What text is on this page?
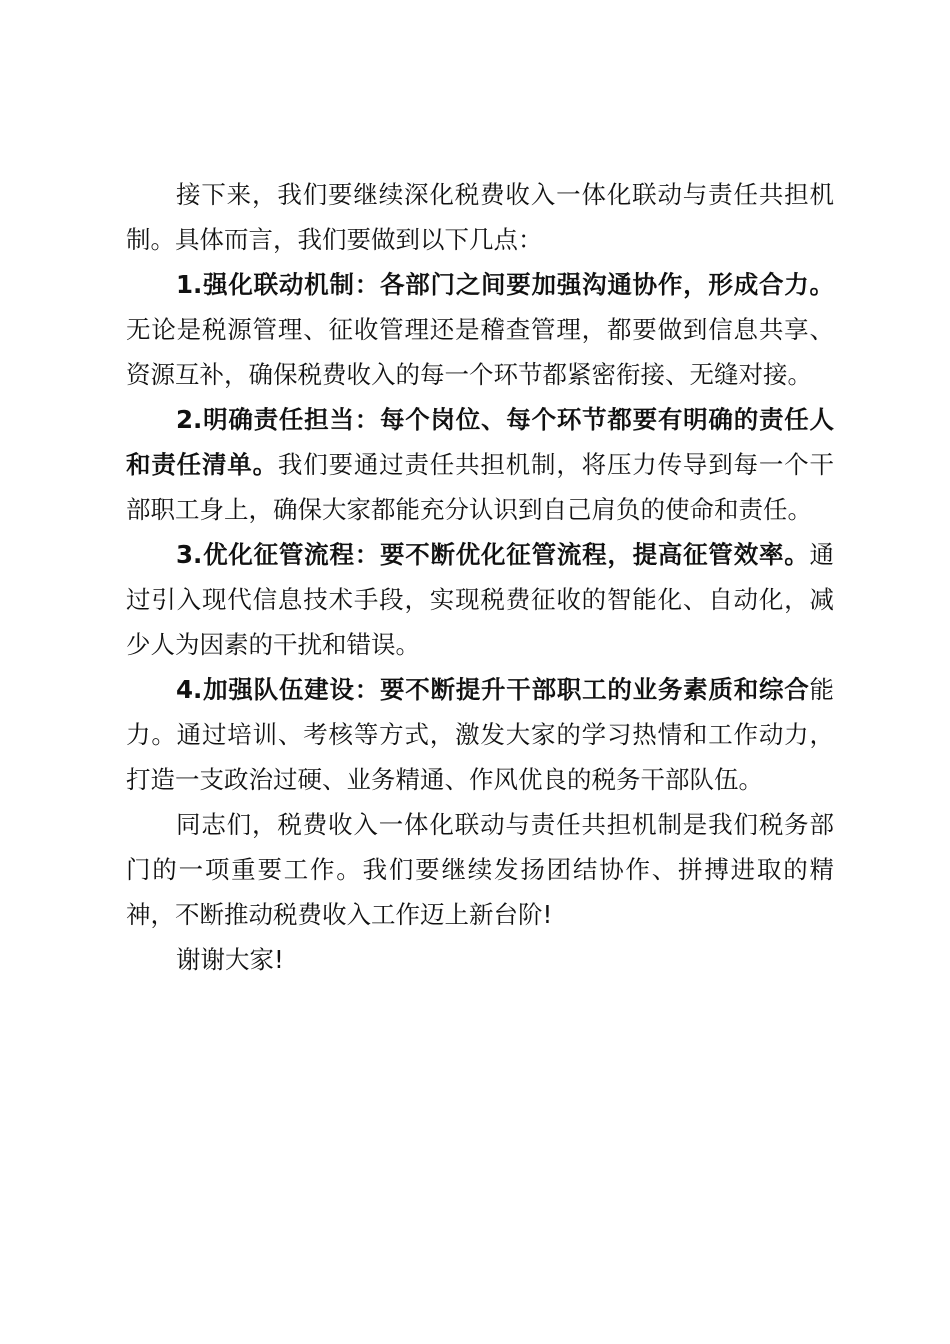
接下来，我们要继续深化税费收入一体化联动与责任共担机制。具体而言，我们要做到以下几点：

1.强化联动机制：各部门之间要加强沟通协作，形成合力。无论是税源管理、征收管理还是稽查管理，都要做到信息共享、资源互补，确保税费收入的每一个环节都紧密衔接、无缝对接。

2.明确责任担当：每个岗位、每个环节都要有明确的责任人和责任清单。我们要通过责任共担机制，将压力传导到每一个干部职工身上，确保大家都能充分认识到自己肩负的使命和责任。

3.优化征管流程：要不断优化征管流程，提高征管效率。通过引入现代信息技术手段，实现税费征收的智能化、自动化，减少人为因素的干扰和错误。

4.加强队伍建设：要不断提升干部职工的业务素质和综合能力。通过培训、考核等方式，激发大家的学习热情和工作动力，打造一支政治过硬、业务精通、作风优良的税务干部队伍。

同志们，税费收入一体化联动与责任共担机制是我们税务部门的一项重要工作。我们要继续发扬团结协作、拼搏进取的精神，不断推动税费收入工作迈上新台阶!

谢谢大家!
